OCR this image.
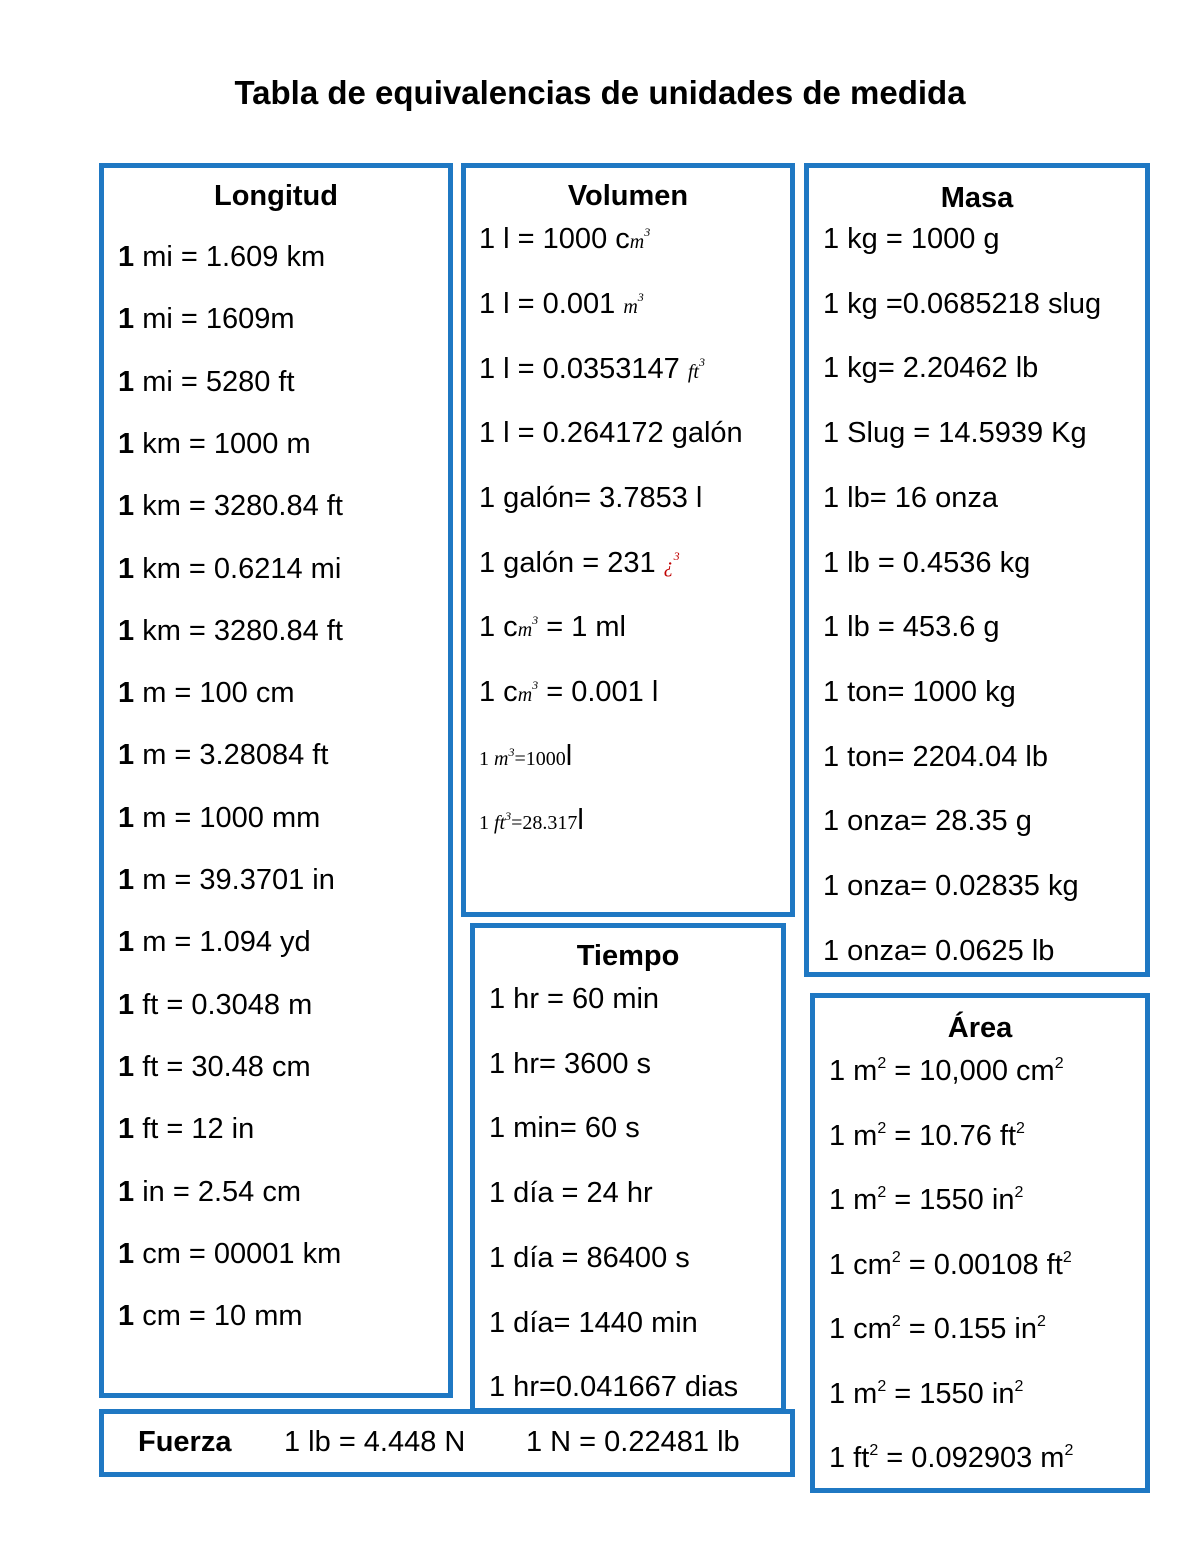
Tabla de equivalencias de unidades de medida
Longitud	Volumen	Masa
Tiempo
Área
Fuerza 1 lb = 4.448 N 1 N = 0.22481 lb
1 mi = 1.609 km
1 mi = 1609m
1 mi = 5280 ft
1 km = 1000 m
1 km = 3280.84 ft
1 km = 0.6214 mi
1 km = 3280.84 ft
1 m = 100 cm
1 m = 3.28084 ft
1 m = 1000 mm
1 m = 39.3701 in
1 m = 1.094 yd
1 ft = 0.3048 m
1 ft = 30.48 cm
1 ft = 12 in
1 in = 2.54 cm
1 cm = 00001 km
1 cm = 10 mm
1 l = 1000 $cm^3$
1 l = 0.001 $m^3$
1 l = 0.0353147 $ft^3$
1 l = 0.264172 galón
1 galón= 3.7853 l
1 galón = 231 ¿$^3$
1 $cm^3 = 1$ ml
1 $cm^3 = 0.001$ l
1 $m^3=1000l$
1 $ft^3=28.317l$
1 kg = 1000 g
1 kg =0.0685218 slug
1 kg= 2.20462 lb
1 Slug = 14.5939 Kg
1 lb= 16 onza
1 lb = 0.4536 kg
1 lb = 453.6 g
1 ton= 1000 kg
1 ton= 2204.04 lb
1 onza= 28.35 g
1 onza= 0.02835 kg
1 onza= 0.0625 lb
1 hr = 60 min
1 hr= 3600 s
1 min= 60 s
1 día = 24 hr
1 día = 86400 s
1 día= 1440 min
1 hr=0.041667 dias
1 $m^2 = 10,000$ $cm^2$
1 $m^2 = 10.76$ $ft^2$
1 $m^2 = 1550$ $in^2$
1 $cm^2 = 0.00108$ $ft^2$
1 $cm^2 = 0.155$ $in^2$
1 $m^2 = 1550$ $in^2$
1 $ft^2 = 0.092903$ $m^2$
